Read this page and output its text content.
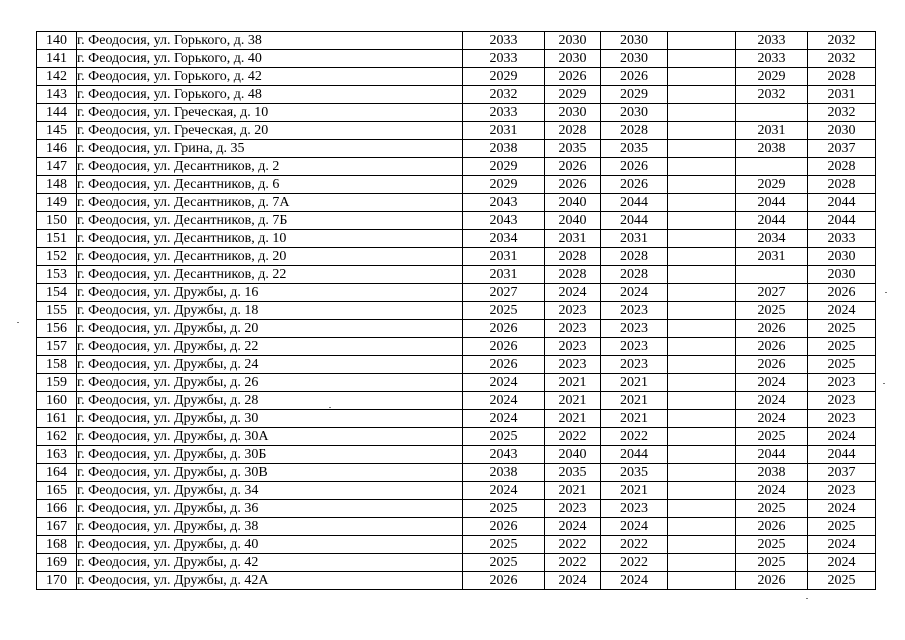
140	г. Феодосия, ул. Горького, д. 38	2033	2030	2030		2033	2032
141	г. Феодосия, ул. Горького, д. 40	2033	2030	2030		2033	2032
142	г. Феодосия, ул. Горького, д. 42	2029	2026	2026		2029	2028
143	г. Феодосия, ул. Горького, д. 48	2032	2029	2029		2032	2031
144	г. Феодосия, ул. Греческая, д. 10	2033	2030	2030			2032
145	г. Феодосия, ул. Греческая, д. 20	2031	2028	2028		2031	2030
146	г. Феодосия, ул. Грина, д. 35	2038	2035	2035		2038	2037
147	г. Феодосия, ул. Десантников, д. 2	2029	2026	2026			2028
148	г. Феодосия, ул. Десантников, д. 6	2029	2026	2026		2029	2028
149	г. Феодосия, ул. Десантников, д. 7А	2043	2040	2044		2044	2044
150	г. Феодосия, ул. Десантников, д. 7Б	2043	2040	2044		2044	2044
151	г. Феодосия, ул. Десантников, д. 10	2034	2031	2031		2034	2033
152	г. Феодосия, ул. Десантников, д. 20	2031	2028	2028		2031	2030
153	г. Феодосия, ул. Десантников, д. 22	2031	2028	2028			2030
154	г. Феодосия, ул. Дружбы, д. 16	2027	2024	2024		2027	2026
155	г. Феодосия, ул. Дружбы, д. 18	2025	2023	2023		2025	2024
156	г. Феодосия, ул. Дружбы, д. 20	2026	2023	2023		2026	2025
157	г. Феодосия, ул. Дружбы, д. 22	2026	2023	2023		2026	2025
158	г. Феодосия, ул. Дружбы, д. 24	2026	2023	2023		2026	2025
159	г. Феодосия, ул. Дружбы, д. 26	2024	2021	2021		2024	2023
160	г. Феодосия, ул. Дружбы, д. 28	2024	2021	2021		2024	2023
161	г. Феодосия, ул. Дружбы, д. 30	2024	2021	2021		2024	2023
162	г. Феодосия, ул. Дружбы, д. 30А	2025	2022	2022		2025	2024
163	г. Феодосия, ул. Дружбы, д. 30Б	2043	2040	2044		2044	2044
164	г. Феодосия, ул. Дружбы, д. 30В	2038	2035	2035		2038	2037
165	г. Феодосия, ул. Дружбы, д. 34	2024	2021	2021		2024	2023
166	г. Феодосия, ул. Дружбы, д. 36	2025	2023	2023		2025	2024
167	г. Феодосия, ул. Дружбы, д. 38	2026	2024	2024		2026	2025
168	г. Феодосия, ул. Дружбы, д. 40	2025	2022	2022		2025	2024
169	г. Феодосия, ул. Дружбы, д. 42	2025	2022	2022		2025	2024
170	г. Феодосия, ул. Дружбы, д. 42А	2026	2024	2024		2026	2025
